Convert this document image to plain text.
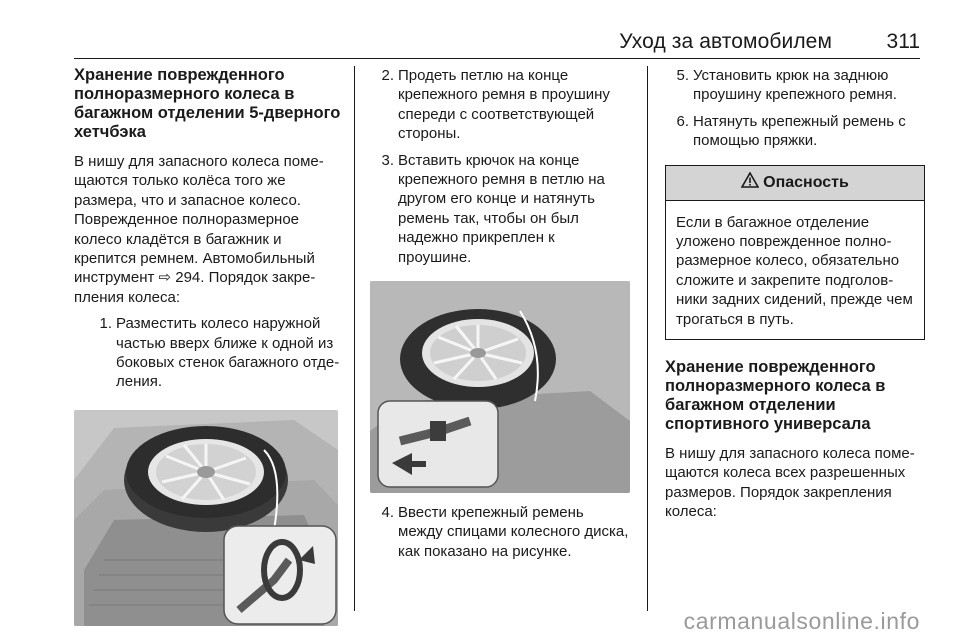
Уход за автомобилем	311
Хранение поврежденного полноразмерного колеса в багажном отделении 5-дверного хетчбэка

В нишу для запасного колеса поме-щаются только колёса того же размера, что и запасное колесо. Поврежденное полноразмерное колесо кладётся в багажник и крепится ремнем. Автомобильный инструмент ⇨ 294. Порядок закре-пления колеса:

1. Разместить колесо наружной частью вверх ближе к одной из боковых стенок багажного отде-ления.
2. Продеть петлю на конце крепежного ремня в проушину спереди с соответствующей стороны.
3. Вставить крючок на конце крепежного ремня в петлю на другом его конце и натянуть ремень так, чтобы он был надежно прикреплен к проушине.
4. Ввести крепежный ремень между спицами колесного диска, как показано на рисунке.
5. Установить крюк на заднюю проушину крепежного ремня.
6. Натянуть крепежный ремень с помощью пряжки.
Опасность
Если в багажное отделение уложено поврежденное полно-размерное колесо, обязательно сложите и закрепите подголов-ники задних сидений, прежде чем трогаться в путь.
Хранение поврежденного полноразмерного колеса в багажном отделении спортивного универсала

В нишу для запасного колеса поме-щаются колеса всех разрешенных размеров. Порядок закрепления колеса:

carmanualsonline.info
